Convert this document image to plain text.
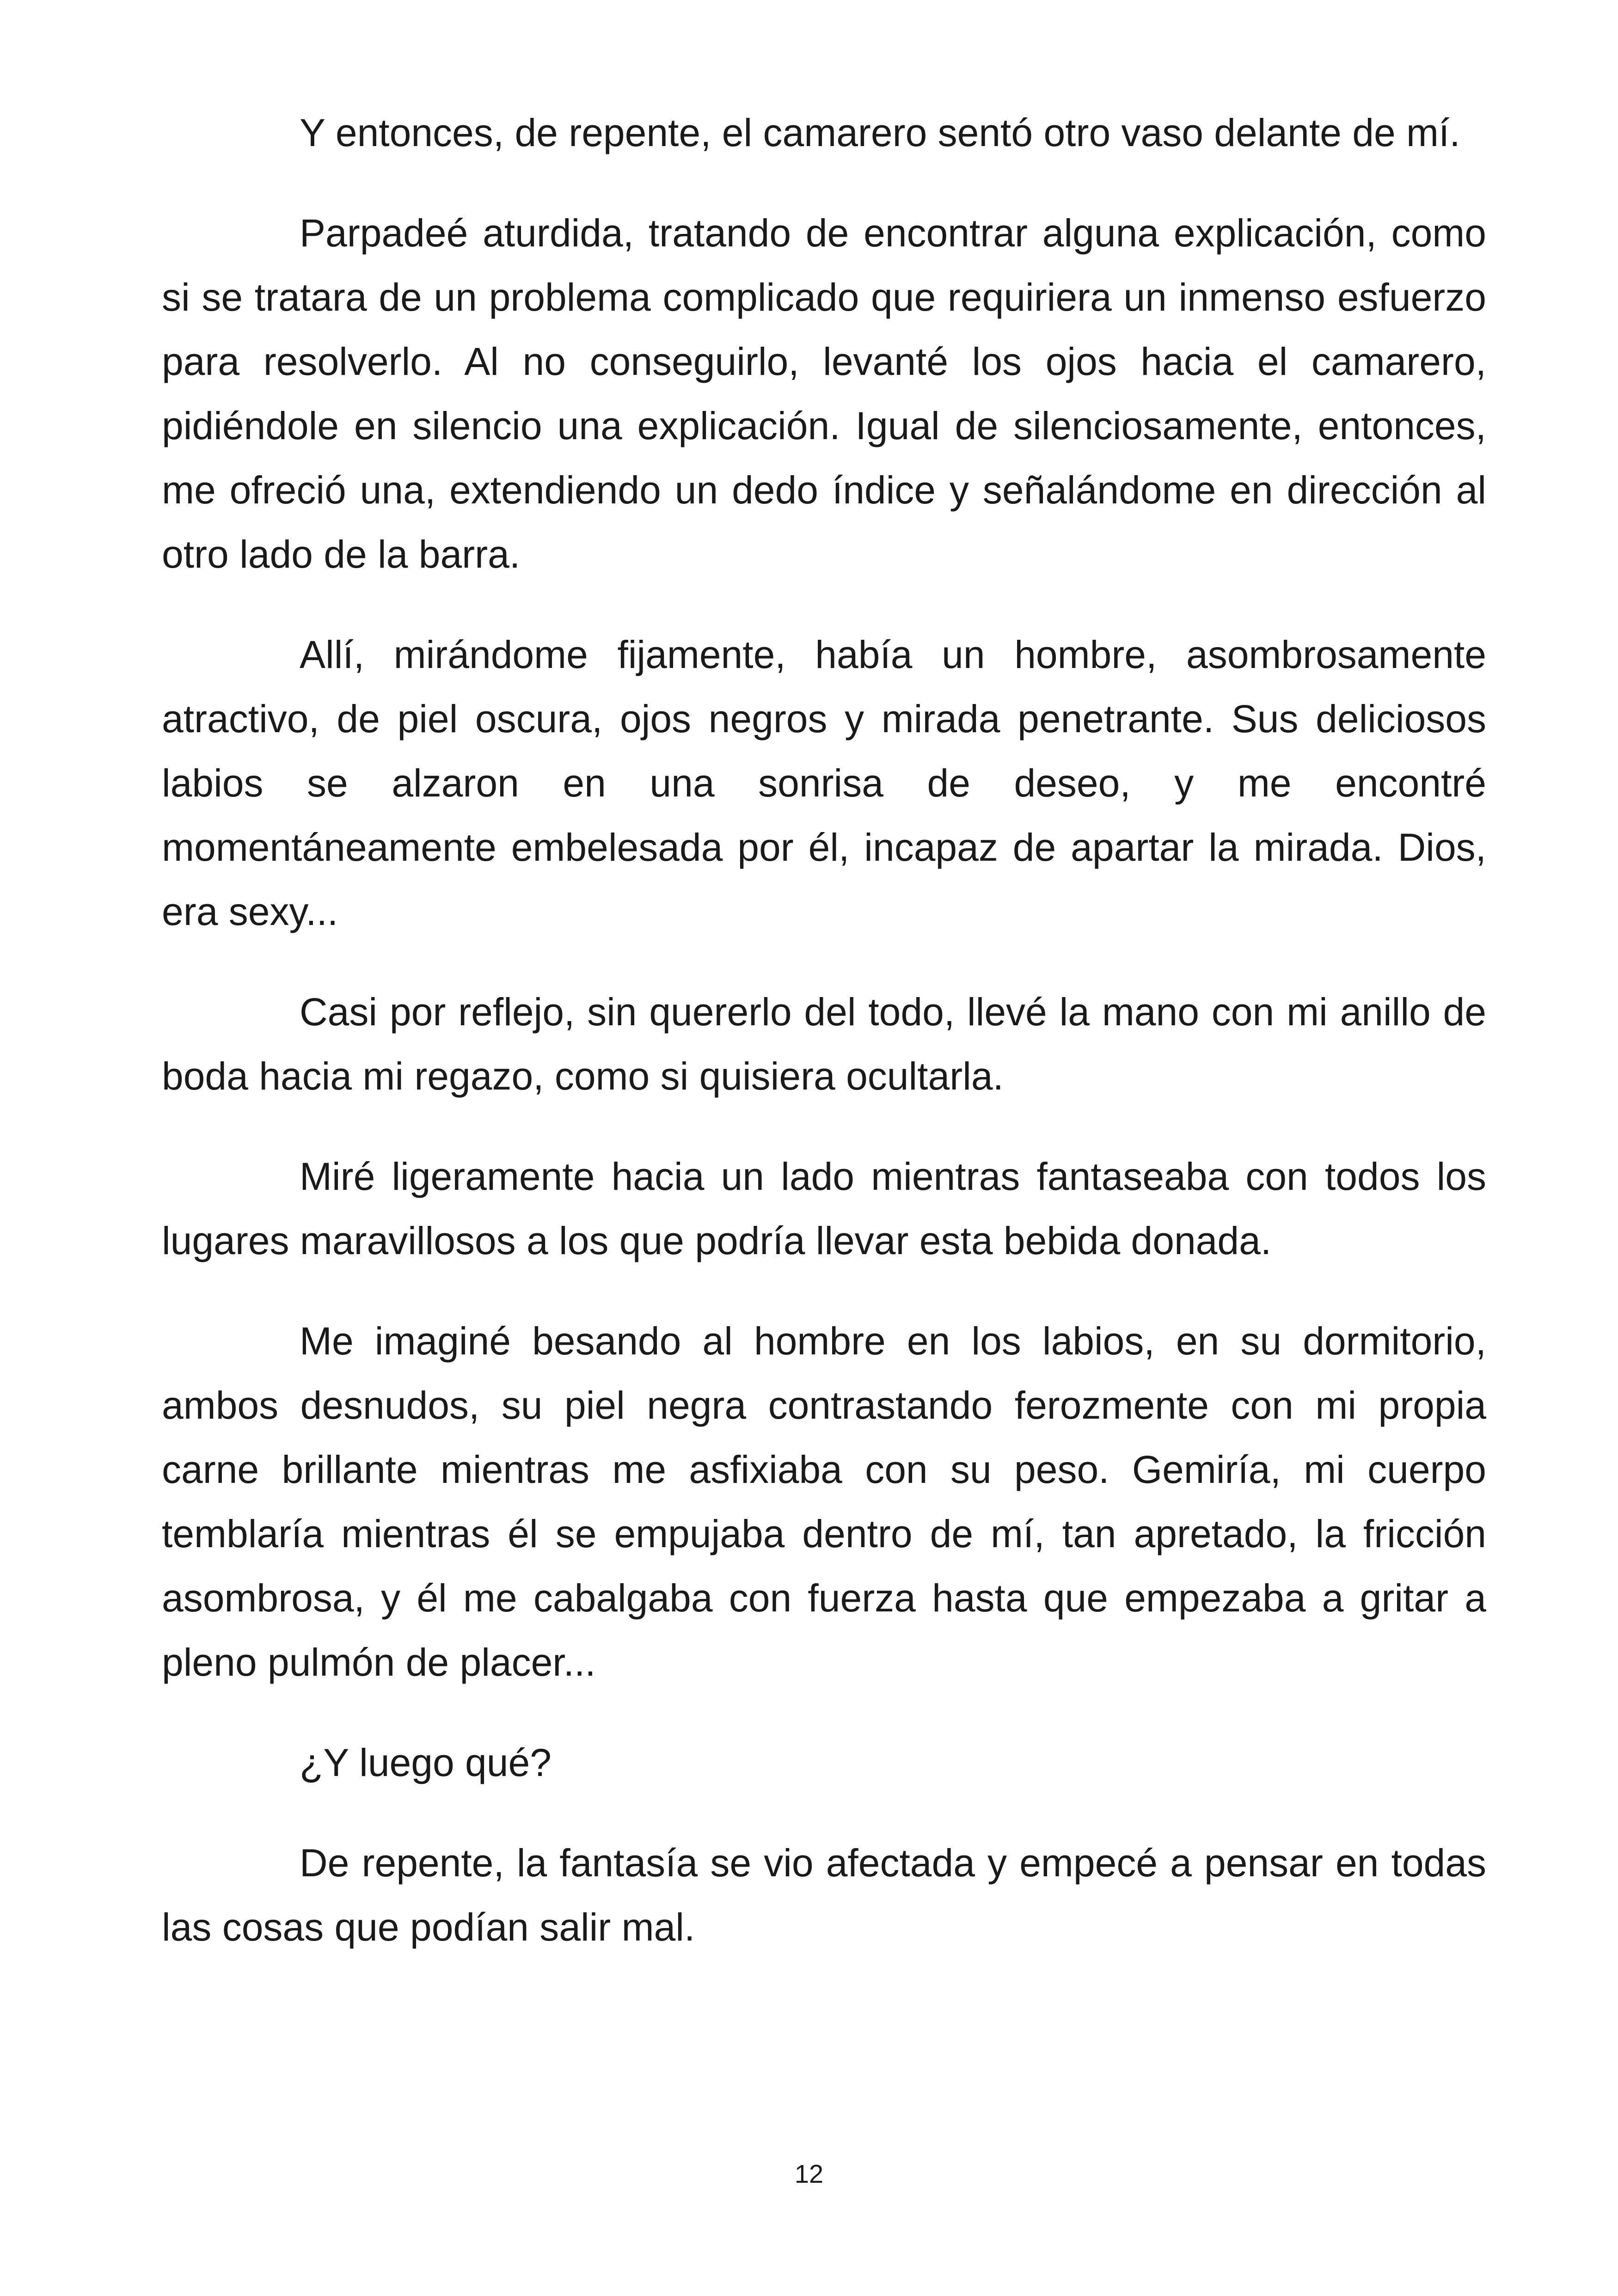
Y entonces, de repente, el camarero sentó otro vaso delante de mí.

Parpadeé aturdida, tratando de encontrar alguna explicación, como si se tratara de un problema complicado que requiriera un inmenso esfuerzo para resolverlo. Al no conseguirlo, levanté los ojos hacia el camarero, pidiéndole en silencio una explicación. Igual de silenciosamente, entonces, me ofreció una, extendiendo un dedo índice y señalándome en dirección al otro lado de la barra.

Allí, mirándome fijamente, había un hombre, asombrosamente atractivo, de piel oscura, ojos negros y mirada penetrante. Sus deliciosos labios se alzaron en una sonrisa de deseo, y me encontré momentáneamente embelesada por él, incapaz de apartar la mirada. Dios, era sexy...

Casi por reflejo, sin quererlo del todo, llevé la mano con mi anillo de boda hacia mi regazo, como si quisiera ocultarla.

Miré ligeramente hacia un lado mientras fantaseaba con todos los lugares maravillosos a los que podría llevar esta bebida donada.

Me imaginé besando al hombre en los labios, en su dormitorio, ambos desnudos, su piel negra contrastando ferozmente con mi propia carne brillante mientras me asfixiaba con su peso. Gemiría, mi cuerpo temblaría mientras él se empujaba dentro de mí, tan apretado, la fricción asombrosa, y él me cabalgaba con fuerza hasta que empezaba a gritar a pleno pulmón de placer...

¿Y luego qué?

De repente, la fantasía se vio afectada y empecé a pensar en todas las cosas que podían salir mal.

12
